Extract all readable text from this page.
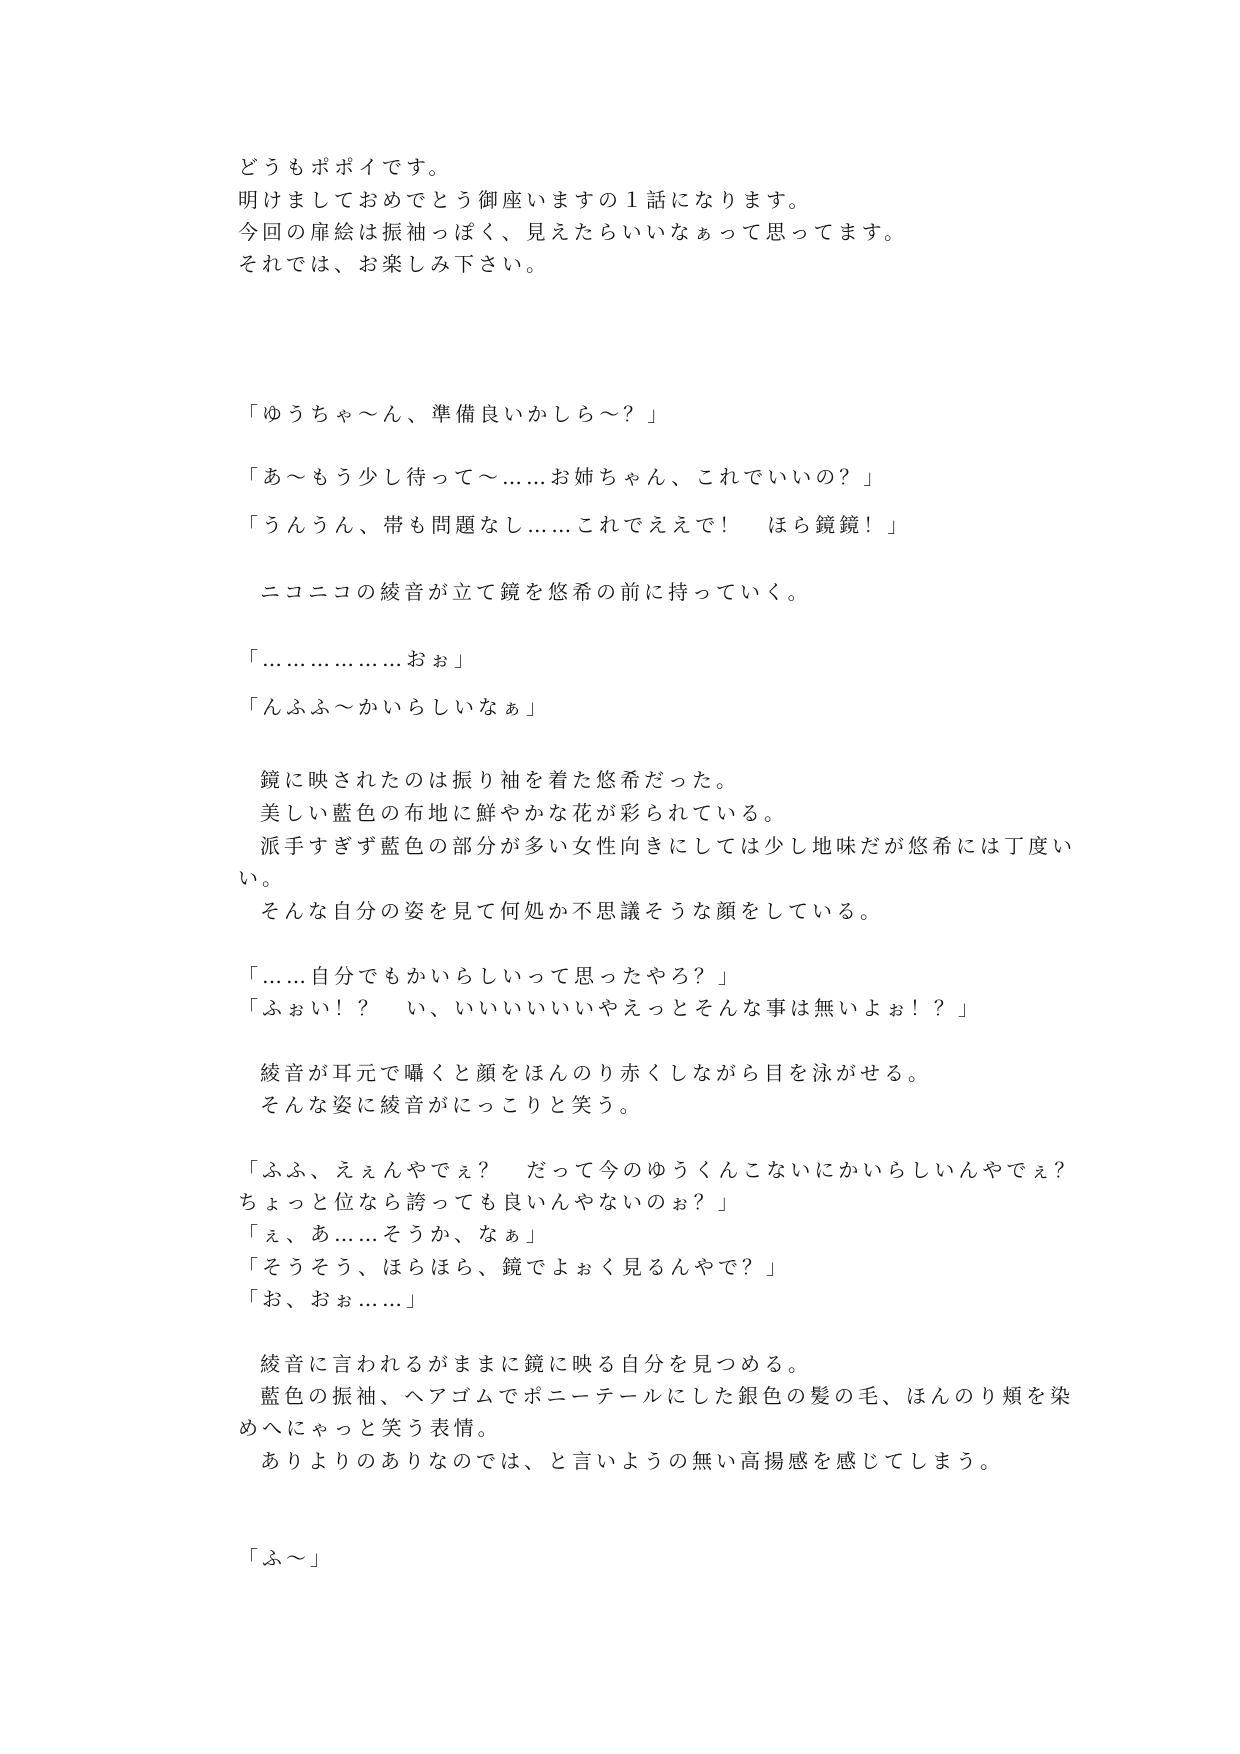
どうもポポイです。

明けましておめでとう御座いますの１話になります。

今回の扉絵は振袖っぽく、見えたらいいなぁって思ってます。

それでは、お楽しみ下さい。

「ゆうちゃ〜ん、準備良いかしら〜？」

「あ〜もう少し待って〜……お姉ちゃん、これでいいの？」

「うんうん、帯も問題なし……これでええで！　ほら鏡鏡！」

ニコニコの綾音が立て鏡を悠希の前に持っていく。

「………………おぉ」

「んふふ〜かいらしいなぁ」

鏡に映されたのは振り袖を着た悠希だった。

美しい藍色の布地に鮮やかな花が彩られている。

派手すぎず藍色の部分が多い女性向きにしては少し地味だが悠希には丁度い

い。

そんな自分の姿を見て何処か不思議そうな顔をしている。

「……自分でもかいらしいって思ったやろ？」

「ふぉい！？　い、いいいいいいやえっとそんな事は無いよぉ！？」

綾音が耳元で囁くと顔をほんのり赤くしながら目を泳がせる。

そんな姿に綾音がにっこりと笑う。

「ふふ、えぇんやでぇ？　だって今のゆうくんこないにかいらしいんやでぇ？

ちょっと位なら誇っても良いんやないのぉ？」

「ぇ、あ……そうか、なぁ」

「そうそう、ほらほら、鏡でよぉく見るんやで？」

「お、おぉ……」

綾音に言われるがままに鏡に映る自分を見つめる。

藍色の振袖、ヘアゴムでポニーテールにした銀色の髪の毛、ほんのり頬を染

めへにゃっと笑う表情。

ありよりのありなのでは、と言いようの無い高揚感を感じてしまう。

「ふ〜」
